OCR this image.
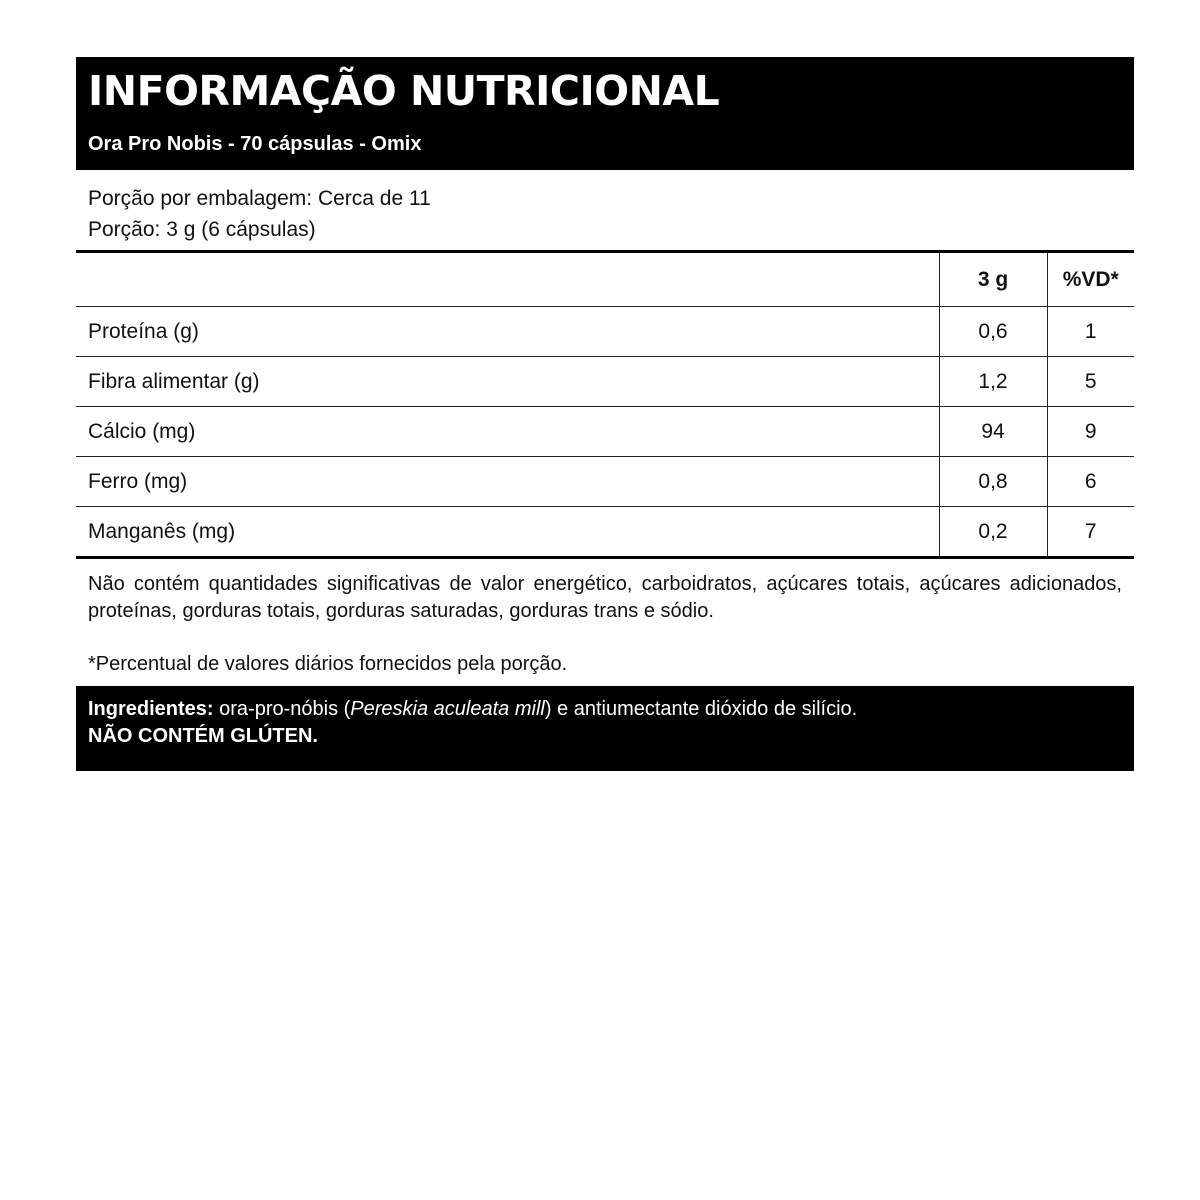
INFORMAÇÃO NUTRICIONAL
Ora Pro Nobis - 70 cápsulas - Omix
Porção por embalagem: Cerca de 11
Porção: 3 g (6 cápsulas)
	3 g	%VD*
Proteína (g)	0,6	1
Fibra alimentar (g)	1,2	5
Cálcio (mg)	94	9
Ferro (mg)	0,8	6
Manganês (mg)	0,2	7

Não contém quantidades significativas de valor energético, carboidratos, açúcares totais, açúcares adicionados, proteínas, gorduras totais, gorduras saturadas, gorduras trans e sódio.

*Percentual de valores diários fornecidos pela porção.

Ingredientes: ora-pro-nóbis (Pereskia aculeata mill) e antiumectante dióxido de silício.
NÃO CONTÉM GLÚTEN.
